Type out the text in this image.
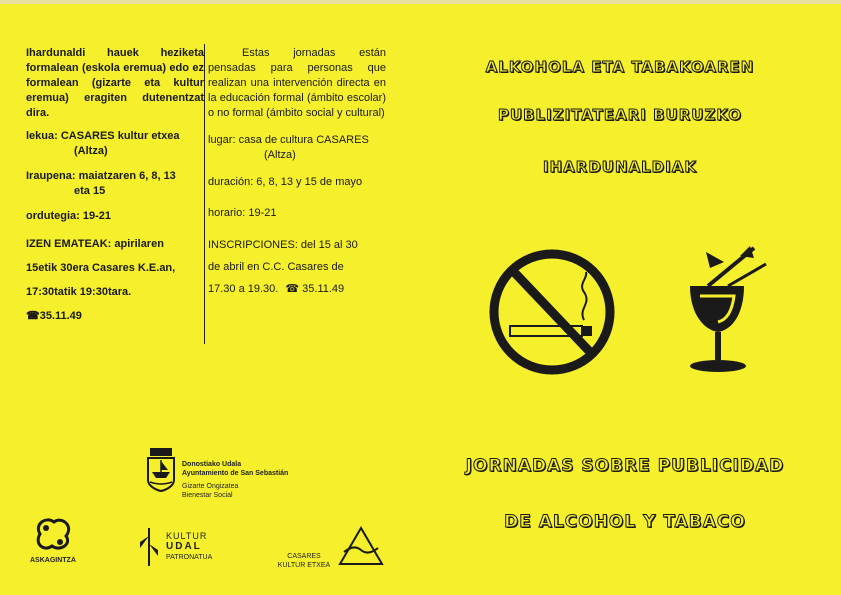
Ihardunaldi hauek heziketa formalean (eskola eremua) edo ez formalean (gizarte eta kultur eremua) eragiten dutenentzat dira.

lekua: CASARES kultur etxea
(Altza)
Iraupena: maiatzaren 6, 8, 13
eta 15
ordutegia: 19-21
IZEN EMATEAK: apirilaren
15etik 30era Casares K.E.an,
17:30tatik 19:30tara.
☎35.11.49

Estas jornadas están pensadas para personas que realizan una intervención directa en la educación formal (ámbito escolar) o no formal (ámbito social y cultural)

lugar: casa de cultura CASARES
(Altza)
duración: 6, 8, 13 y 15 de mayo
horario: 19-21
INSCRIPCIONES: del 15 al 30
de abril en C.C. Casares de
17.30 a 19.30. ☎ 35.11.49
ALKOHOLA ETA TABAKOAREN
PUBLIZITATEARI BURUZKO
IHARDUNALDIAK
JORNADAS SOBRE PUBLICIDAD
DE ALCOHOL Y TABACO
Donostiako Udala
Ayuntamiento de San Sebastián
Gizarte Ongizatea
Bienestar Social
ASKAGINTZA
KULTUR
UDAL
PATRONATUA	CASARES
KULTUR ETXEA
